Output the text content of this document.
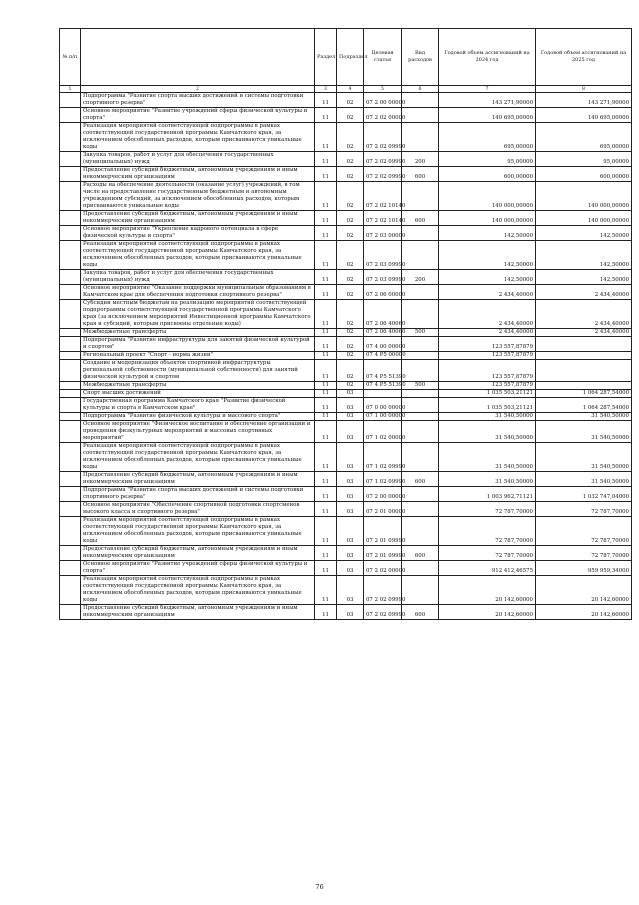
№ п/п		Раздел	Подраздел	Целевая статья	Вид расходов	Годовой объем ассигнований на 2024 год	Годовой объем ассигнований на 2025 год
1	2	3	4	5	6	7	8
	Подпрограмма "Развитие спорта высших достижений и системы подготовки спортивного резерва"	11	02	07 2 00 00000		143 271,90000	143 271,90000
	Основное мероприятие "Развитие учреждений сферы физической культуры и спорта"	11	02	07 2 02 00000		140 695,00000	140 695,00000
	Реализация мероприятий соответствующей подпрограммы в рамках соответствующей государственной программы Камчатского края, за исключением обособленных расходов, которым присваиваются уникальные коды	11	02	07 2 02 09990		695,00000	695,00000
	Закупка товаров, работ и услуг для обеспечения государственных (муниципальных) нужд	11	02	07 2 02 09990	200	95,00000	95,00000
	Предоставление субсидий бюджетным, автономным учреждениям и иным некоммерческим организациям	11	02	07 2 02 09990	600	600,00000	600,00000
	Расходы на обеспечение деятельности (оказание услуг) учреждений, в том числе на предоставление государственным бюджетным и автономным учреждениям субсидий, за исключением обособленных расходов, которым присваиваются уникальные коды	11	02	07 2 02 10140		140 000,00000	140 000,00000
	Предоставление субсидий бюджетным, автономным учреждениям и иным некоммерческим организациям	11	02	07 2 02 10140	600	140 000,00000	140 000,00000
	Основное мероприятие "Укрепление кадрового потенциала в сфере физической культуры и спорта"	11	02	07 2 03 00000		142,50000	142,50000
	Реализация мероприятий соответствующей подпрограммы в рамках соответствующей государственной программы Камчатского края, за исключением обособленных расходов, которым присваиваются уникальные коды	11	02	07 2 03 09990		142,50000	142,50000
	Закупка товаров, работ и услуг для обеспечения государственных (муниципальных) нужд	11	02	07 2 03 09990	200	142,50000	142,50000
	Основное мероприятие "Оказание поддержки муниципальным образованиям в Камчатском крае для обеспечения подготовки спортивного резерва"	11	02	07 2 06 00000		2 434,40000	2 434,40000
	Субсидии местным бюджетам на реализацию мероприятий соответствующей подпрограммы соответствующей государственной программы Камчатского края (за исключением мероприятий Инвестиционной программы Камчатского края и субсидий, которым присвоены отдельные коды)	11	02	07 2 06 40060		2 434,40000	2 434,40000
	Межбюджетные трансферты	11	02	07 2 06 40060	500	2 434,40000	2 434,40000
	Подпрограмма "Развитие инфраструктуры для занятий физической культурой и спортом"	11	02	07 4 00 00000		123 557,87879	
	Региональный проект "Спорт - норма жизни"	11	02	07 4 P5 00000		123 557,87879	
	Создание и модернизация объектов спортивной инфраструктуры региональной собственности (муниципальной собственности) для занятий физической культурой и спортом	11	02	07 4 P5 51390		123 557,87879	
	Межбюджетные трансферты	11	02	07 4 P5 51390	500	123 557,87879	
	Спорт высших достижений	11	03			1 035 503,21121	1 064 287,54000
	Государственная программа Камчатского края "Развитие физической культуры и спорта в Камчатском крае"	11	03	07 0 00 00000		1 035 503,21121	1 064 287,54000
	Подпрограмма "Развитие физической культуры и массового спорта"	11	03	07 1 00 00000		31 540,50000	31 540,50000
	Основное мероприятие "Физическое воспитание и обеспечение организации и проведения физкультурных мероприятий и массовых спортивных мероприятий"	11	03	07 1 02 00000		31 540,50000	31 540,50000
	Реализация мероприятий соответствующей подпрограммы в рамках соответствующей государственной программы Камчатского края, за исключением обособленных расходов, которым присваиваются уникальные коды	11	03	07 1 02 09990		31 540,50000	31 540,50000
	Предоставление субсидий бюджетным, автономным учреждениям и иным некоммерческим организациям	11	03	07 1 02 09990	600	31 540,50000	31 540,50000
	Подпрограмма "Развитие спорта высших достижений и системы подготовки спортивного резерва"	11	03	07 2 00 00000		1 003 962,71121	1 032 747,04000
	Основное мероприятие "Обеспечение спортивной подготовки спортсменов высокого класса и спортивного резерва"	11	03	07 2 01 00000		72 787,70000	72 787,70000
	Реализация мероприятий соответствующей подпрограммы в рамках соответствующей государственной программы Камчатского края, за исключением обособленных расходов, которым присваиваются уникальные коды	11	03	07 2 01 09990		72 787,70000	72 787,70000
	Предоставление субсидий бюджетным, автономным учреждениям и иным некоммерческим организациям	11	03	07 2 01 09990	600	72 787,70000	72 787,70000
	Основное мероприятие "Развитие учреждений сферы физической культуры и спорта"	11	03	07 2 02 00000		912 412,46575	959 959,34000
	Реализация мероприятий соответствующей подпрограммы в рамках соответствующей государственной программы Камчатского края, за исключением обособленных расходов, которым присваиваются уникальные коды	11	03	07 2 02 09990		20 142,60000	20 142,60000
	Предоставление субсидий бюджетным, автономным учреждениям и иным некоммерческим организациям	11	03	07 2 02 09990	600	20 142,60000	20 142,60000
76
